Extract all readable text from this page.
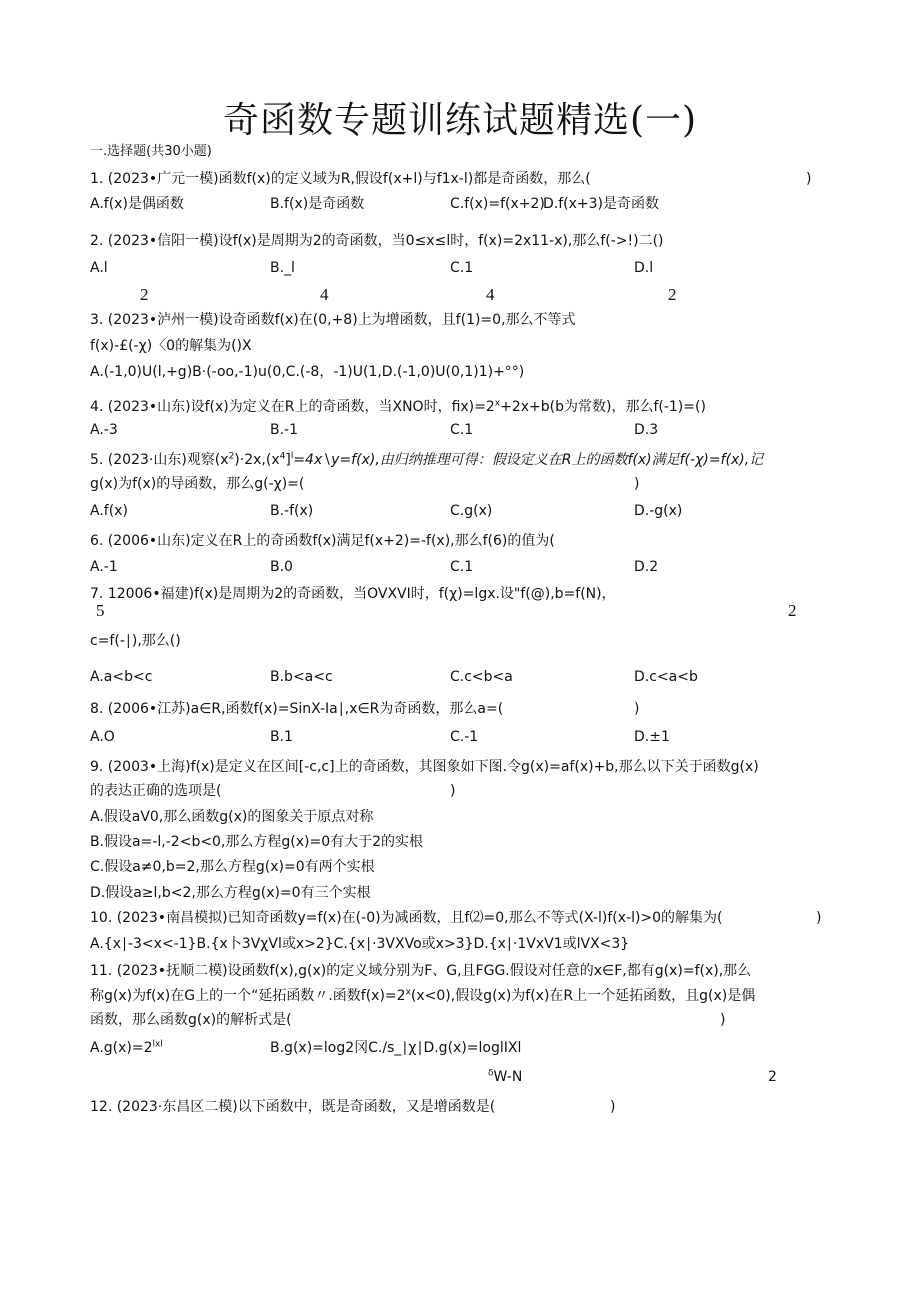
奇函数专题训练试题精选(一)
一.选择题(共30小题)
1. (2023•广元一模)函数f(x)的定义域为R,假设f(x+l)与f1x-l)都是奇函数，那么(	)
A.f(x)是偶函数	B.f(x)是奇函数	C.f(x)=f(x+2)
D.f(x+3)是奇函数
2. (2023•信阳一模)设f(x)是周期为2的奇函数，当0≤x≤l时，f(x)=2x11-x),那么f(->!)二()
A.l	B._l	C.1	D.l
2	4	4	2
3. (2023•泸州一模)设奇函数f(x)在(0,+8)上为增函数，且f(1)=0,那么不等式
f(x)-£(-χ)〈0的解集为()X
A.(-1,0)U(l,+g)B·(-oo,-1)u(0,C.(-8，-1)U(1,D.(-1,0)U(0,1)1)+°°)
4. (2023•山东)设f(x)为定义在R上的奇函数，当XNO时，$fix)=2^x+2x+b(b$为常数)，那么f(-1)=()
A.-3	B.-1	C.1	D.3
5. (2023·山东)观察$(x^2)\cdot 2x,(x^4]^l=4x∖y=f(x)$,由归纳推理可得：假设定义在R上的函数f(x)满足f(-χ)=f(x),记
g(x)为f(x)的导函数，那么g(-χ)=(	)
A.f(x)	B.-f(x)	C.g(x)	D.-g(x)
6. (2006•山东)定义在R上的奇函数f(x)满足f(x+2)=-f(x),那么f(6)的值为(
A.-1	B.0	C.1	D.2
7. 12006•福建)f(x)是周期为2的奇函数，当OVXVI时，f(χ)=lgx.设"f(@),b=f(N)，
5	2
c=f(-∣),那么()
A.a<b<c	B.b<a<c	C.c<b<a	D.c<a<b
8. (2006•江苏)a∈R,函数f(x)=SinX-Ia∣,x∈R为奇函数，那么a=(	)
A.O	B.1	C.-1	D.±1
9. (2003•上海)f(x)是定义在区间[-c,c]上的奇函数，其图象如下图.令g(x)=af(x)+b,那么以下关于函数g(x)
的表达正确的选项是(	)
A.假设aV0,那么函数g(x)的图象关于原点对称
B.假设a=-l,-2<b<0,那么方程g(x)=0有大于2的实根
C.假设a≠0,b=2,那么方程g(x)=0有两个实根
D.假设a≥l,b<2,那么方程g(x)=0有三个实根
10. (2023•南昌模拟)已知奇函数y=f(x)在(-0)为减函数，且f⑵=0,那么不等式(X-l)f(x-l)>0的解集为(	)
A.{x∣-3<x<-1}B.{x卜3VχVl或x>2}C.{x∣·3VXVo或x>3}D.{x∣·1VxV1或lVX<3}
11. (2023•抚顺二模)设函数f(x),g(x)的定义域分别为F、G,且FGG.假设对任意的x∈F,都有g(x)=f(x),那么
称g(x)为f(x)在G上的一个“延拓函数〃.函数$f(x)=2^x(x<0)$,假设g(x)为f(x)在R上一个延拓函数，且g(x)是偶
函数，那么函数g(x)的解析式是(	)
$A.g(x)=2^{lxl}$	B.g(x)=log2冈C./s_∣χ∣D.g(x)=loglIXl
$^\delta$W-N	2
12. (2023·东昌区二模)以下函数中，既是奇函数，又是增函数是(	)
